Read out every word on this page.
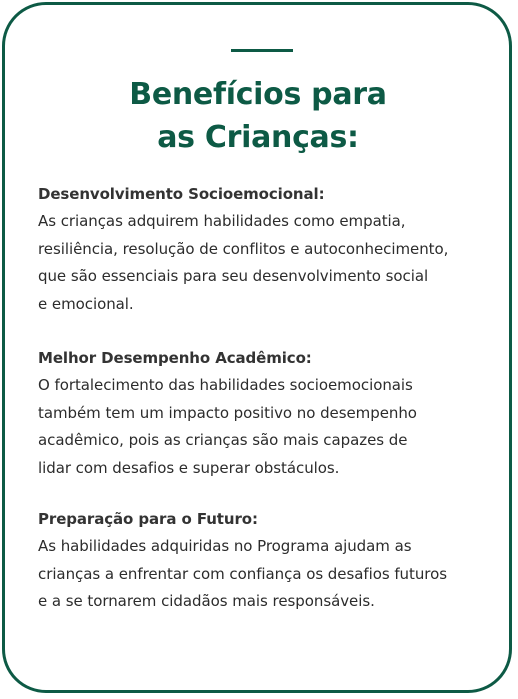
Benefícios para
as Crianças:
Desenvolvimento Socioemocional:
As crianças adquirem habilidades como empatia,
resiliência, resolução de conflitos e autoconhecimento,
que são essenciais para seu desenvolvimento social
e emocional.
Melhor Desempenho Acadêmico:
O fortalecimento das habilidades socioemocionais
também tem um impacto positivo no desempenho
acadêmico, pois as crianças são mais capazes de
lidar com desafios e superar obstáculos.
Preparação para o Futuro:
As habilidades adquiridas no Programa ajudam as
crianças a enfrentar com confiança os desafios futuros
e a se tornarem cidadãos mais responsáveis.
